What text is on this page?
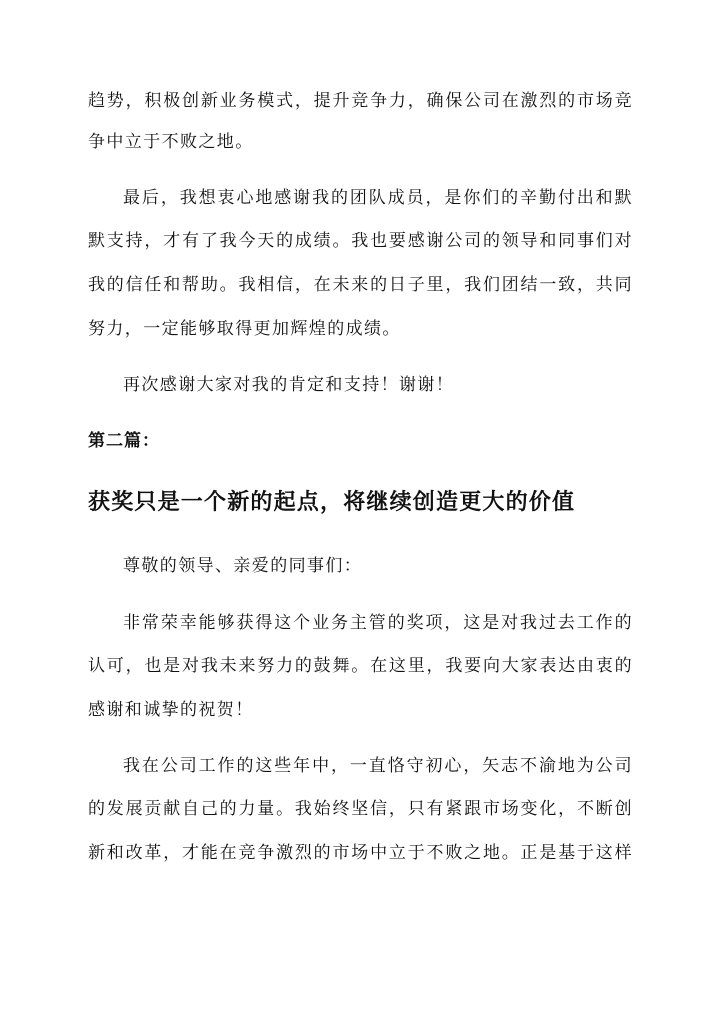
趋势，积极创新业务模式，提升竞争力，确保公司在激烈的市场竞
争中立于不败之地。
最后，我想衷心地感谢我的团队成员，是你们的辛勤付出和默
默支持，才有了我今天的成绩。我也要感谢公司的领导和同事们对
我的信任和帮助。我相信，在未来的日子里，我们团结一致，共同
努力，一定能够取得更加辉煌的成绩。
再次感谢大家对我的肯定和支持！谢谢！
第二篇：
获奖只是一个新的起点，将继续创造更大的价值
尊敬的领导、亲爱的同事们：
非常荣幸能够获得这个业务主管的奖项，这是对我过去工作的
认可，也是对我未来努力的鼓舞。在这里，我要向大家表达由衷的
感谢和诚挚的祝贺！
我在公司工作的这些年中，一直恪守初心，矢志不渝地为公司
的发展贡献自己的力量。我始终坚信，只有紧跟市场变化，不断创
新和改革，才能在竞争激烈的市场中立于不败之地。正是基于这样
